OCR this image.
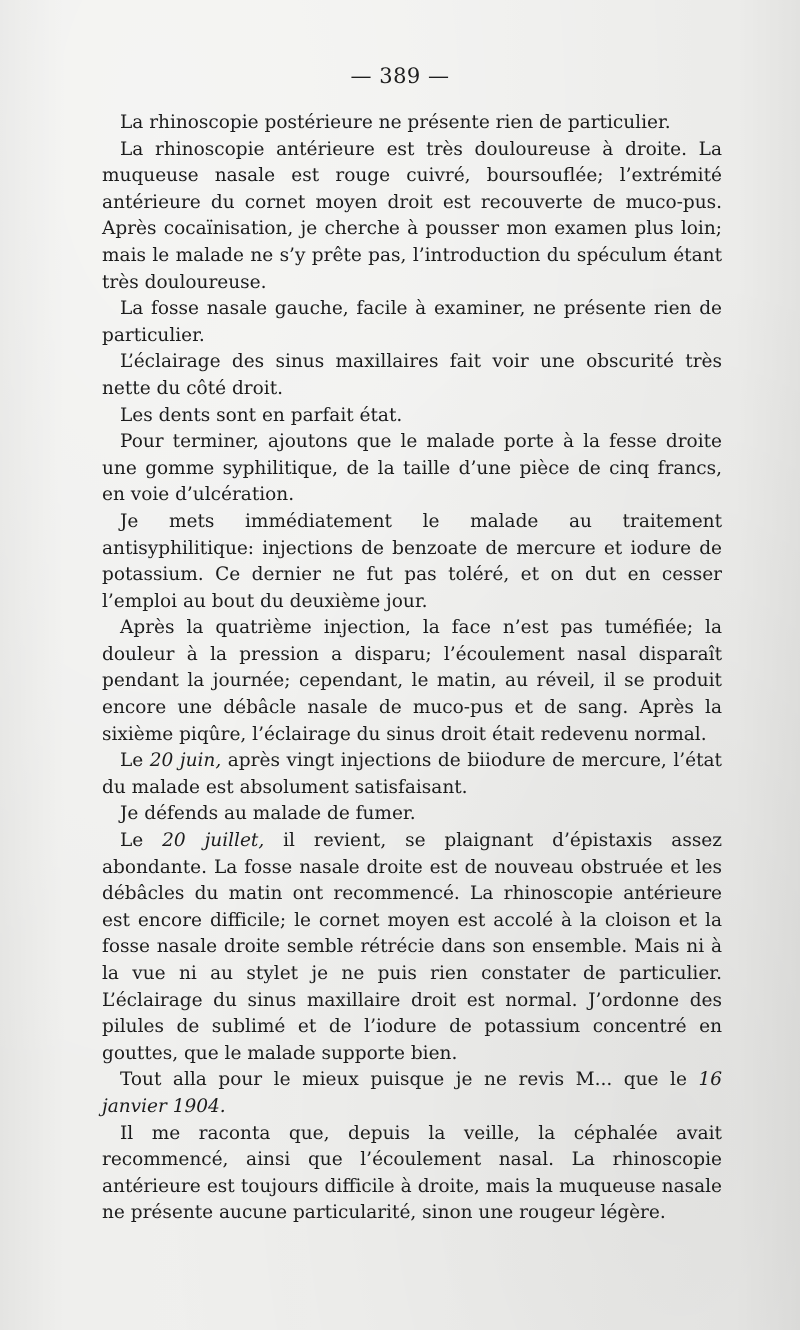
— 389 —

La rhinoscopie postérieure ne présente rien de particulier.

La rhinoscopie antérieure est très douloureuse à droite. La muqueuse nasale est rouge cuivré, boursouflée; l’extrémité antérieure du cornet moyen droit est recouverte de muco-pus. Après cocaïnisation, je cherche à pousser mon examen plus loin; mais le malade ne s’y prête pas, l’introduction du spéculum étant très douloureuse.

La fosse nasale gauche, facile à examiner, ne présente rien de particulier.

L’éclairage des sinus maxillaires fait voir une obscurité très nette du côté droit.

Les dents sont en parfait état.

Pour terminer, ajoutons que le malade porte à la fesse droite une gomme syphilitique, de la taille d’une pièce de cinq francs, en voie d’ulcération.

Je mets immédiatement le malade au traitement antisyphilitique: injections de benzoate de mercure et iodure de potassium. Ce dernier ne fut pas toléré, et on dut en cesser l’emploi au bout du deuxième jour.

Après la quatrième injection, la face n’est pas tuméfiée; la douleur à la pression a disparu; l’écoulement nasal disparaît pendant la journée; cependant, le matin, au réveil, il se produit encore une débâcle nasale de muco-pus et de sang. Après la sixième piqûre, l’éclairage du sinus droit était redevenu normal.

Le 20 juin, après vingt injections de biiodure de mercure, l’état du malade est absolument satisfaisant.

Je défends au malade de fumer.

Le 20 juillet, il revient, se plaignant d’épistaxis assez abondante. La fosse nasale droite est de nouveau obstruée et les débâcles du matin ont recommencé. La rhinoscopie antérieure est encore difficile; le cornet moyen est accolé à la cloison et la fosse nasale droite semble rétrécie dans son ensemble. Mais ni à la vue ni au stylet je ne puis rien constater de particulier. L’éclairage du sinus maxillaire droit est normal. J’ordonne des pilules de sublimé et de l’iodure de potassium concentré en gouttes, que le malade supporte bien.

Tout alla pour le mieux puisque je ne revis M... que le 16 janvier 1904.

Il me raconta que, depuis la veille, la céphalée avait recommencé, ainsi que l’écoulement nasal. La rhinoscopie antérieure est toujours difficile à droite, mais la muqueuse nasale ne présente aucune particularité, sinon une rougeur légère.
